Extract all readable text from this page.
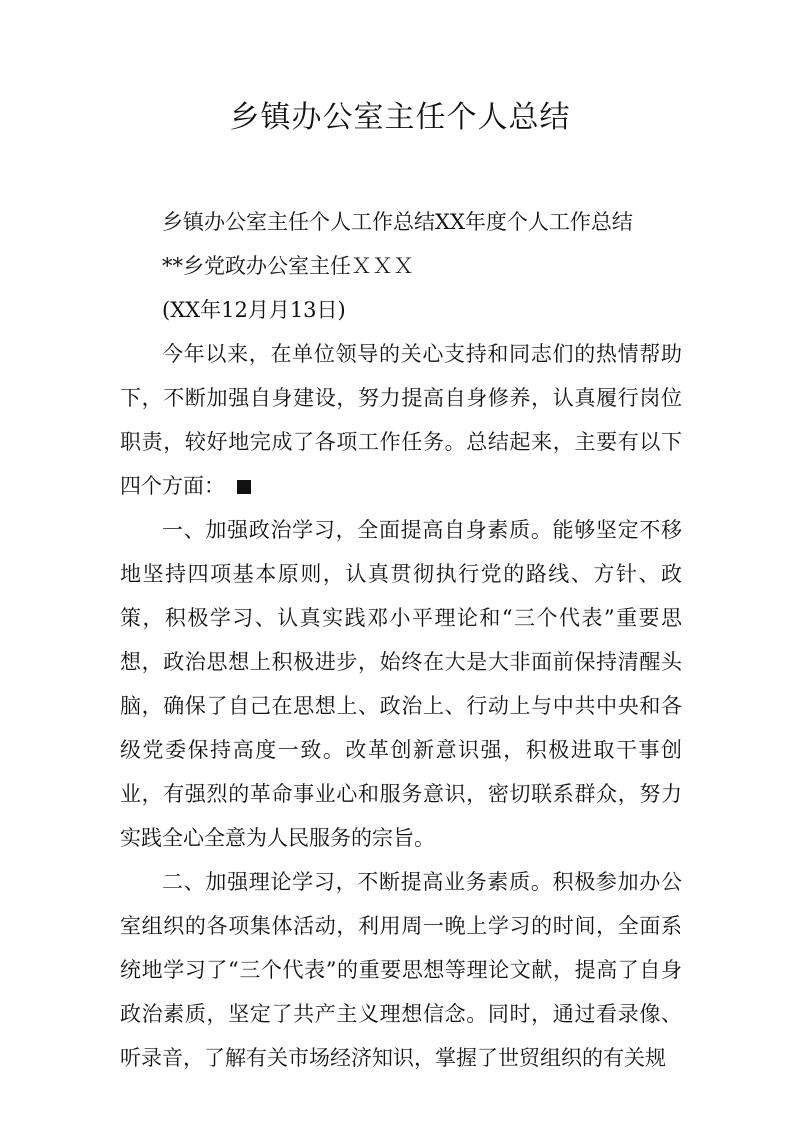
乡镇办公室主任个人总结

乡镇办公室主任个人工作总结XX年度个人工作总结

**乡党政办公室主任ＸＸＸ

(XX年12月月13日)

今年以来，在单位领导的关心支持和同志们的热情帮助下，不断加强自身建设，努力提高自身修养，认真履行岗位职责，较好地完成了各项工作任务。总结起来，主要有以下四个方面：

一、加强政治学习，全面提高自身素质。能够坚定不移地坚持四项基本原则，认真贯彻执行党的路线、方针、政策，积极学习、认真实践邓小平理论和“三个代表”重要思想，政治思想上积极进步，始终在大是大非面前保持清醒头脑，确保了自己在思想上、政治上、行动上与中共中央和各级党委保持高度一致。改革创新意识强，积极进取干事创业，有强烈的革命事业心和服务意识，密切联系群众，努力实践全心全意为人民服务的宗旨。

二、加强理论学习，不断提高业务素质。积极参加办公室组织的各项集体活动，利用周一晚上学习的时间，全面系统地学习了“三个代表”的重要思想等理论文献，提高了自身政治素质，坚定了共产主义理想信念。同时，通过看录像、听录音，了解有关市场经济知识，掌握了世贸组织的有关规
